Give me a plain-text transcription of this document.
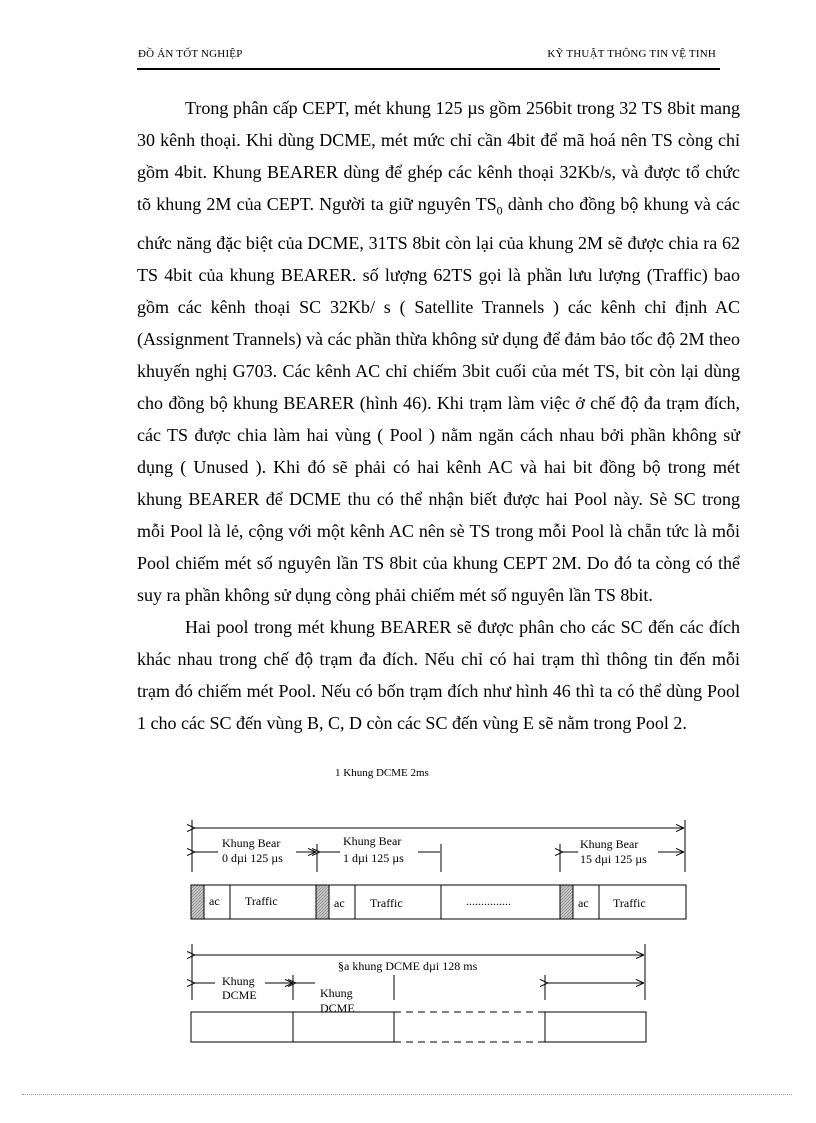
ĐỒ ÁN TỐT NGHIỆP	KỸ THUẬT THÔNG TIN VỆ TINH

Trong phân cấp CEPT, mét khung 125 µs gồm 256bit trong 32 TS 8bit mang 30 kênh thoại. Khi dùng DCME, mét mức chỉ cần 4bit để mã hoá nên TS còng chỉ gồm 4bit. Khung BEARER dùng để ghép các kênh thoại 32Kb/s, và được tổ chức tõ khung 2M của CEPT. Người ta giữ nguyên $TS_0$ dành cho đồng bộ khung và các chức năng đặc biệt của DCME, 31TS 8bit còn lại của khung 2M sẽ được chia ra 62 TS 4bit của khung BEARER. số lượng 62TS gọi là phần lưu lượng (Traffic) bao gồm các kênh thoại SC 32Kb/ s ( Satellite Trannels ) các kênh chỉ định AC (Assignment Trannels) và các phần thừa không sử dụng để đảm bảo tốc độ 2M theo khuyến nghị G703. Các kênh AC chỉ chiếm 3bit cuối của mét TS, bit còn lại dùng cho đồng bộ khung BEARER (hình 46). Khi trạm làm việc ở chế độ đa trạm đích, các TS được chia làm hai vùng ( Pool ) nằm ngăn cách nhau bởi phần không sử dụng ( Unused ). Khi đó sẽ phải có hai kênh AC và hai bit đồng bộ trong mét khung BEARER để DCME thu có thể nhận biết được hai Pool này. Sè SC trong mỗi Pool là lẻ, cộng với một kênh AC nên sè TS trong mỗi Pool là chẵn tức là mỗi Pool chiếm mét số nguyên lần TS 8bit của khung CEPT 2M. Do đó ta còng có thể suy ra phần không sử dụng còng phải chiếm mét số nguyên lần TS 8bit.

Hai pool trong mét khung BEARER sẽ được phân cho các SC đến các đích khác nhau trong chế độ trạm đa đích. Nếu chỉ có hai trạm thì thông tin đến mỗi trạm đó chiếm mét Pool. Nếu có bốn trạm đích như hình 46 thì ta có thể dùng Pool 1 cho các SC đến vùng B, C, D còn các SC đến vùng E sẽ nằm trong Pool 2.

1 Khung DCME 2ms
Khung Bear
0 dµi 125 µs
Khung Bear
1 dµi 125 µs
Khung Bear
15 dµi 125 µs
ac Traffic	ac Traffic	...............	ac Traffic
§a khung DCME dµi 128 ms
Khung
DCME	Khung
DCME
